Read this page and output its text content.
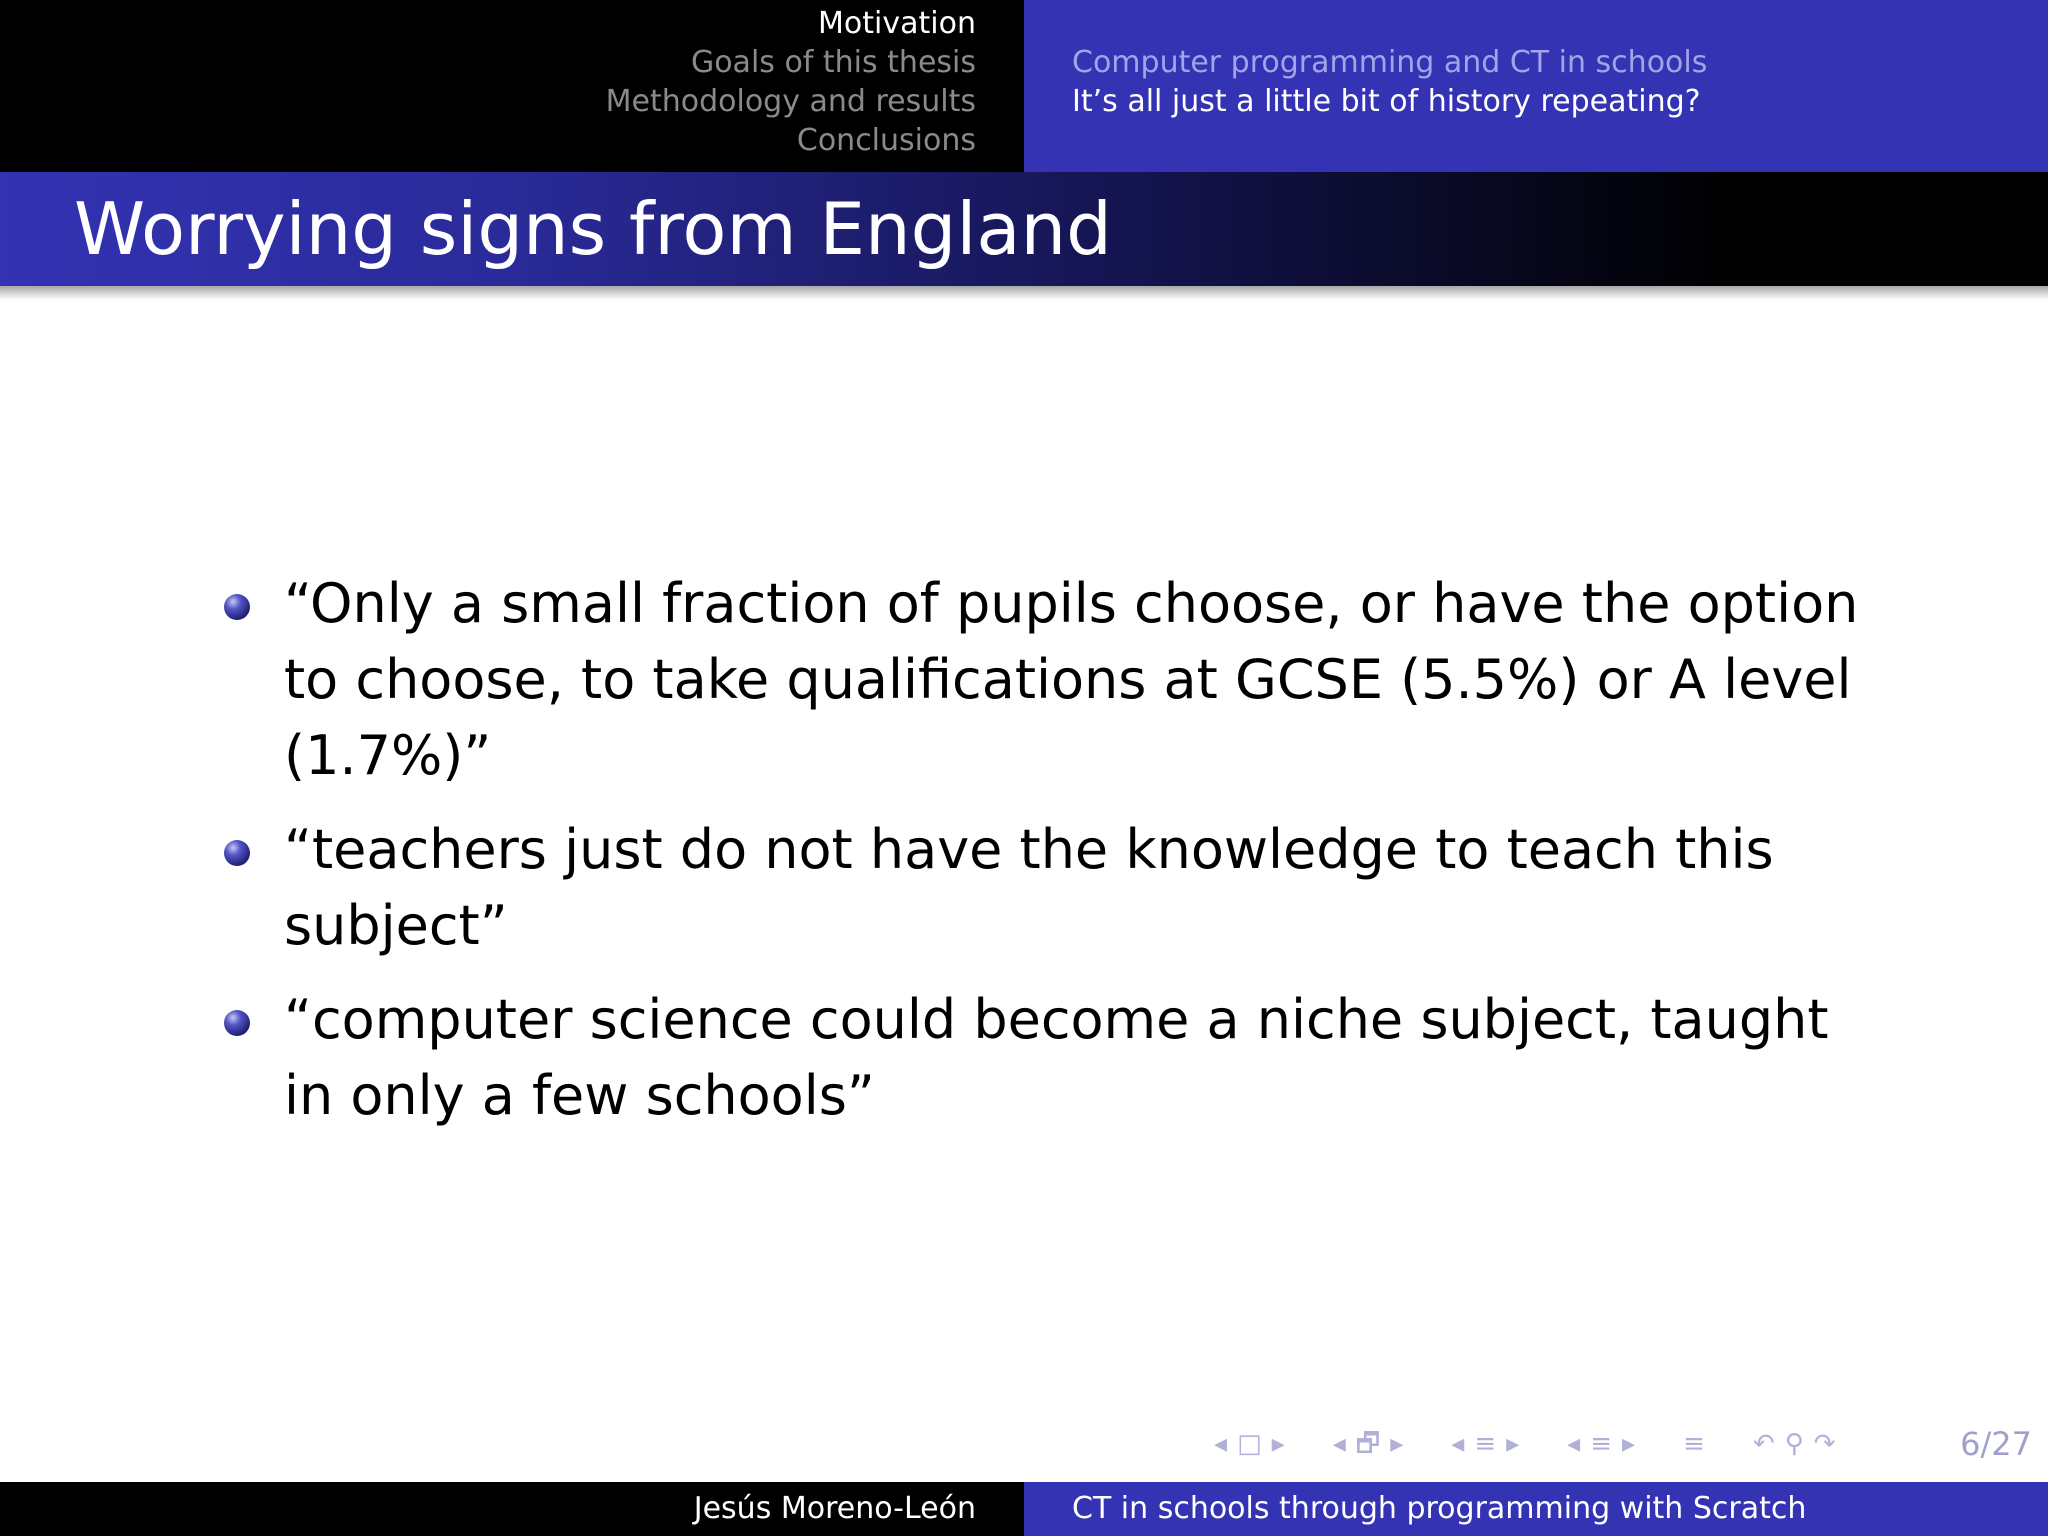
Motivation
Goals of this thesis
Methodology and results
Conclusions
Computer programming and CT in schools
It’s all just a little bit of history repeating?
Worrying signs from England
“Only a small fraction of pupils choose, or have the option to choose, to take qualifications at GCSE (5.5%) or A level (1.7%)”
“teachers just do not have the knowledge to teach this subject”
“computer science could become a niche subject, taught in only a few schools”
◂ □ ▸ ◂ 🗗 ▸ ◂ ≡ ▸ ◂ ≡ ▸ ≡ ↶ ⚲ ↷	6/27
Jesús Moreno-León	CT in schools through programming with Scratch
